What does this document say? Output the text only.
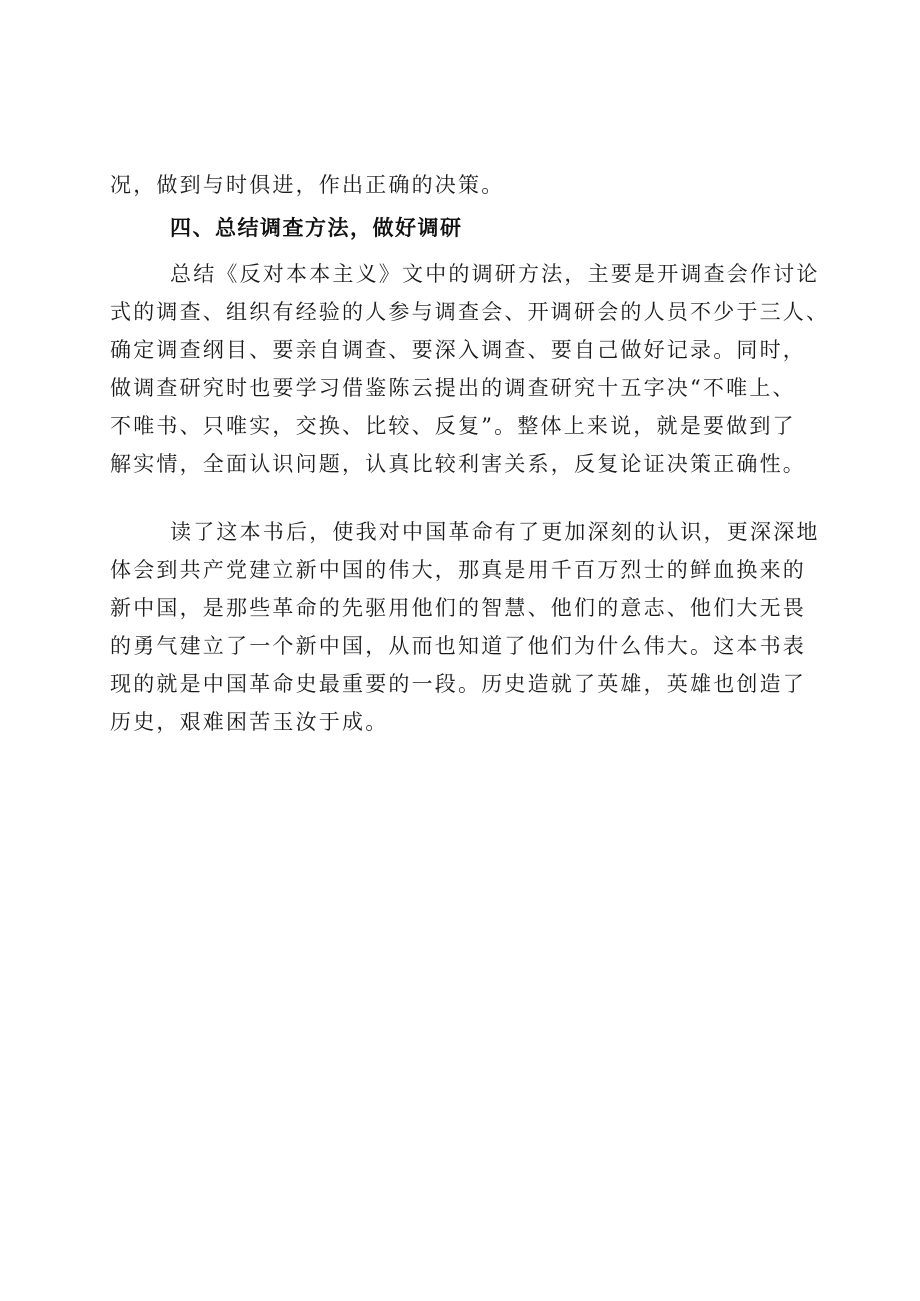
况，做到与时俱进，作出正确的决策。
四、总结调查方法，做好调研
总结《反对本本主义》文中的调研方法，主要是开调查会作讨论
式的调查、组织有经验的人参与调查会、开调研会的人员不少于三人、
确定调查纲目、要亲自调查、要深入调查、要自己做好记录。同时，
做调查研究时也要学习借鉴陈云提出的调查研究十五字决“不唯上、
不唯书、只唯实，交换、比较、反复”。整体上来说，就是要做到了
解实情，全面认识问题，认真比较利害关系，反复论证决策正确性。
读了这本书后，使我对中国革命有了更加深刻的认识，更深深地
体会到共产党建立新中国的伟大，那真是用千百万烈士的鲜血换来的
新中国，是那些革命的先驱用他们的智慧、他们的意志、他们大无畏
的勇气建立了一个新中国，从而也知道了他们为什么伟大。这本书表
现的就是中国革命史最重要的一段。历史造就了英雄，英雄也创造了
历史，艰难困苦玉汝于成。
